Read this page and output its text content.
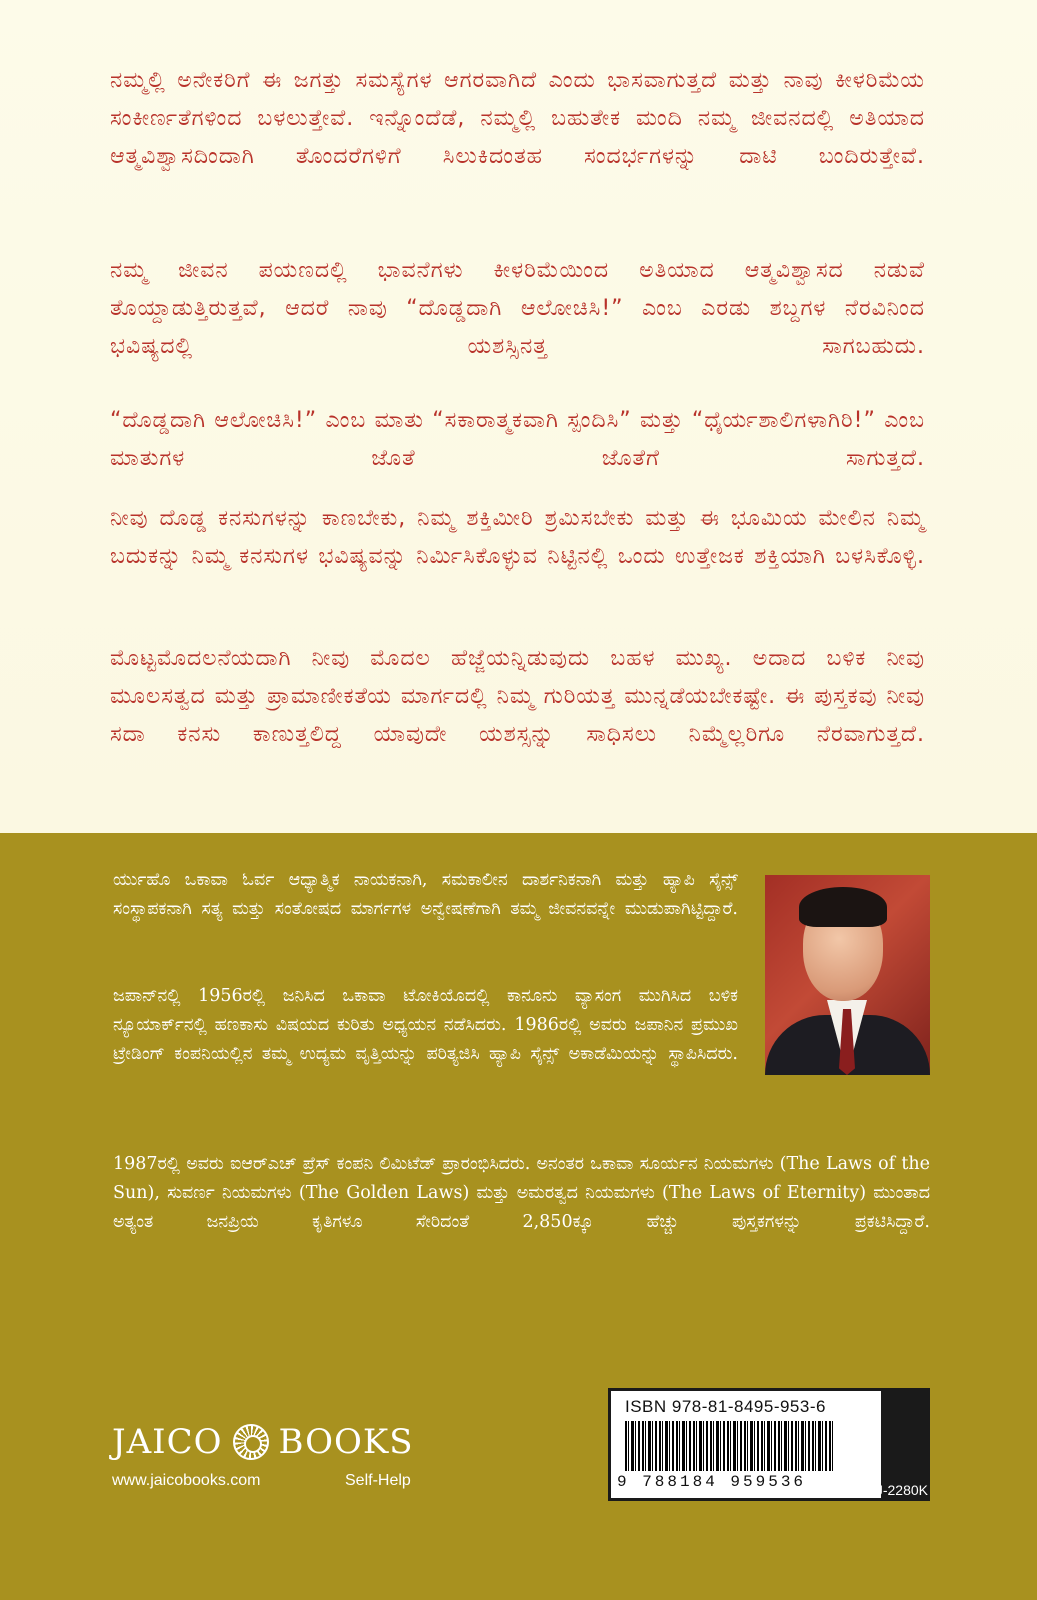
ನಮ್ಮಲ್ಲಿ ಅನೇಕರಿಗೆ ಈ ಜಗತ್ತು ಸಮಸ್ಯೆಗಳ ಆಗರವಾಗಿದೆ ಎಂದು ಭಾಸವಾಗುತ್ತದೆ ಮತ್ತು ನಾವು ಕೀಳರಿಮೆಯ ಸಂಕೀರ್ಣತೆಗಳಿಂದ ಬಳಲುತ್ತೇವೆ. ಇನ್ನೊಂದೆಡೆ, ನಮ್ಮಲ್ಲಿ ಬಹುತೇಕ ಮಂದಿ ನಮ್ಮ ಜೀವನದಲ್ಲಿ ಅತಿಯಾದ ಆತ್ಮವಿಶ್ವಾಸದಿಂದಾಗಿ ತೊಂದರೆಗಳಿಗೆ ಸಿಲುಕಿದಂತಹ ಸಂದರ್ಭಗಳನ್ನು ದಾಟಿ ಬಂದಿರುತ್ತೇವೆ.

ನಮ್ಮ ಜೀವನ ಪಯಣದಲ್ಲಿ ಭಾವನೆಗಳು ಕೀಳರಿಮೆಯಿಂದ ಅತಿಯಾದ ಆತ್ಮವಿಶ್ವಾಸದ ನಡುವೆ ತೊಯ್ದಾಡುತ್ತಿರುತ್ತವೆ, ಆದರೆ ನಾವು “ದೊಡ್ಡದಾಗಿ ಆಲೋಚಿಸಿ!” ಎಂಬ ಎರಡು ಶಬ್ದಗಳ ನೆರವಿನಿಂದ ಭವಿಷ್ಯದಲ್ಲಿ ಯಶಸ್ಸಿನತ್ತ ಸಾಗಬಹುದು.

“ದೊಡ್ಡದಾಗಿ ಆಲೋಚಿಸಿ!” ಎಂಬ ಮಾತು “ಸಕಾರಾತ್ಮಕವಾಗಿ ಸ್ಪಂದಿಸಿ” ಮತ್ತು “ಧೈರ್ಯಶಾಲಿಗಳಾಗಿರಿ!” ಎಂಬ ಮಾತುಗಳ ಜೊತೆ ಜೊತೆಗೆ ಸಾಗುತ್ತದೆ.

ನೀವು ದೊಡ್ಡ ಕನಸುಗಳನ್ನು ಕಾಣಬೇಕು, ನಿಮ್ಮ ಶಕ್ತಿಮೀರಿ ಶ್ರಮಿಸಬೇಕು ಮತ್ತು ಈ ಭೂಮಿಯ ಮೇಲಿನ ನಿಮ್ಮ ಬದುಕನ್ನು ನಿಮ್ಮ ಕನಸುಗಳ ಭವಿಷ್ಯವನ್ನು ನಿರ್ಮಿಸಿಕೊಳ್ಳುವ ನಿಟ್ಟಿನಲ್ಲಿ ಒಂದು ಉತ್ತೇಜಕ ಶಕ್ತಿಯಾಗಿ ಬಳಸಿಕೊಳ್ಳಿ.

ಮೊಟ್ಟಮೊದಲನೆಯದಾಗಿ ನೀವು ಮೊದಲ ಹೆಜ್ಜೆಯನ್ನಿಡುವುದು ಬಹಳ ಮುಖ್ಯ. ಅದಾದ ಬಳಿಕ ನೀವು ಮೂಲಸತ್ವದ ಮತ್ತು ಪ್ರಾಮಾಣೀಕತೆಯ ಮಾರ್ಗದಲ್ಲಿ ನಿಮ್ಮ ಗುರಿಯತ್ತ ಮುನ್ನಡೆಯಬೇಕಷ್ಟೇ. ಈ ಪುಸ್ತಕವು ನೀವು ಸದಾ ಕನಸು ಕಾಣುತ್ತಲಿದ್ದ ಯಾವುದೇ ಯಶಸ್ಸನ್ನು ಸಾಧಿಸಲು ನಿಮ್ಮೆಲ್ಲರಿಗೂ ನೆರವಾಗುತ್ತದೆ.

ರ್ಯುಹೊ ಒಕಾವಾ ಓರ್ವ ಆಧ್ಯಾತ್ಮಿಕ ನಾಯಕನಾಗಿ, ಸಮಕಾಲೀನ ದಾರ್ಶನಿಕನಾಗಿ ಮತ್ತು ಹ್ಯಾಪಿ ಸೈನ್ಸ್ ಸಂಸ್ಥಾಪಕನಾಗಿ ಸತ್ಯ ಮತ್ತು ಸಂತೋಷದ ಮಾರ್ಗಗಳ ಅನ್ವೇಷಣೆಗಾಗಿ ತಮ್ಮ ಜೀವನವನ್ನೇ ಮುಡುಪಾಗಿಟ್ಟಿದ್ದಾರೆ.

ಜಪಾನ್‌ನಲ್ಲಿ 1956ರಲ್ಲಿ ಜನಿಸಿದ ಒಕಾವಾ ಟೋಕಿಯೊದಲ್ಲಿ ಕಾನೂನು ವ್ಯಾಸಂಗ ಮುಗಿಸಿದ ಬಳಿಕ ನ್ಯೂಯಾರ್ಕ್‌ನಲ್ಲಿ ಹಣಕಾಸು ವಿಷಯದ ಕುರಿತು ಅಧ್ಯಯನ ನಡೆಸಿದರು. 1986ರಲ್ಲಿ ಅವರು ಜಪಾನಿನ ಪ್ರಮುಖ ಟ್ರೇಡಿಂಗ್ ಕಂಪನಿಯಲ್ಲಿನ ತಮ್ಮ ಉದ್ಯಮ ವೃತ್ತಿಯನ್ನು ಪರಿತ್ಯಜಿಸಿ ಹ್ಯಾಪಿ ಸೈನ್ಸ್ ಅಕಾಡೆಮಿಯನ್ನು ಸ್ಥಾಪಿಸಿದರು.

1987ರಲ್ಲಿ ಅವರು ಐಆರ್‌ಎಚ್ ಪ್ರೆಸ್ ಕಂಪನಿ ಲಿಮಿಟೆಡ್ ಪ್ರಾರಂಭಿಸಿದರು. ಅನಂತರ ಒಕಾವಾ ಸೂರ್ಯನ ನಿಯಮಗಳು (The Laws of the Sun), ಸುವರ್ಣ ನಿಯಮಗಳು (The Golden Laws) ಮತ್ತು ಅಮರತ್ವದ ನಿಯಮಗಳು (The Laws of Eternity) ಮುಂತಾದ ಅತ್ಯಂತ ಜನಪ್ರಿಯ ಕೃತಿಗಳೂ ಸೇರಿದಂತೆ 2,850ಕ್ಕೂ ಹೆಚ್ಚು ಪುಸ್ತಕಗಳನ್ನು ಪ್ರಕಟಿಸಿದ್ದಾರೆ.

JAICO BOOKS
www.jaicobooks.com	Self-Help
ISBN 978-81-8495-953-6
9 788184 959536	J-2280K
